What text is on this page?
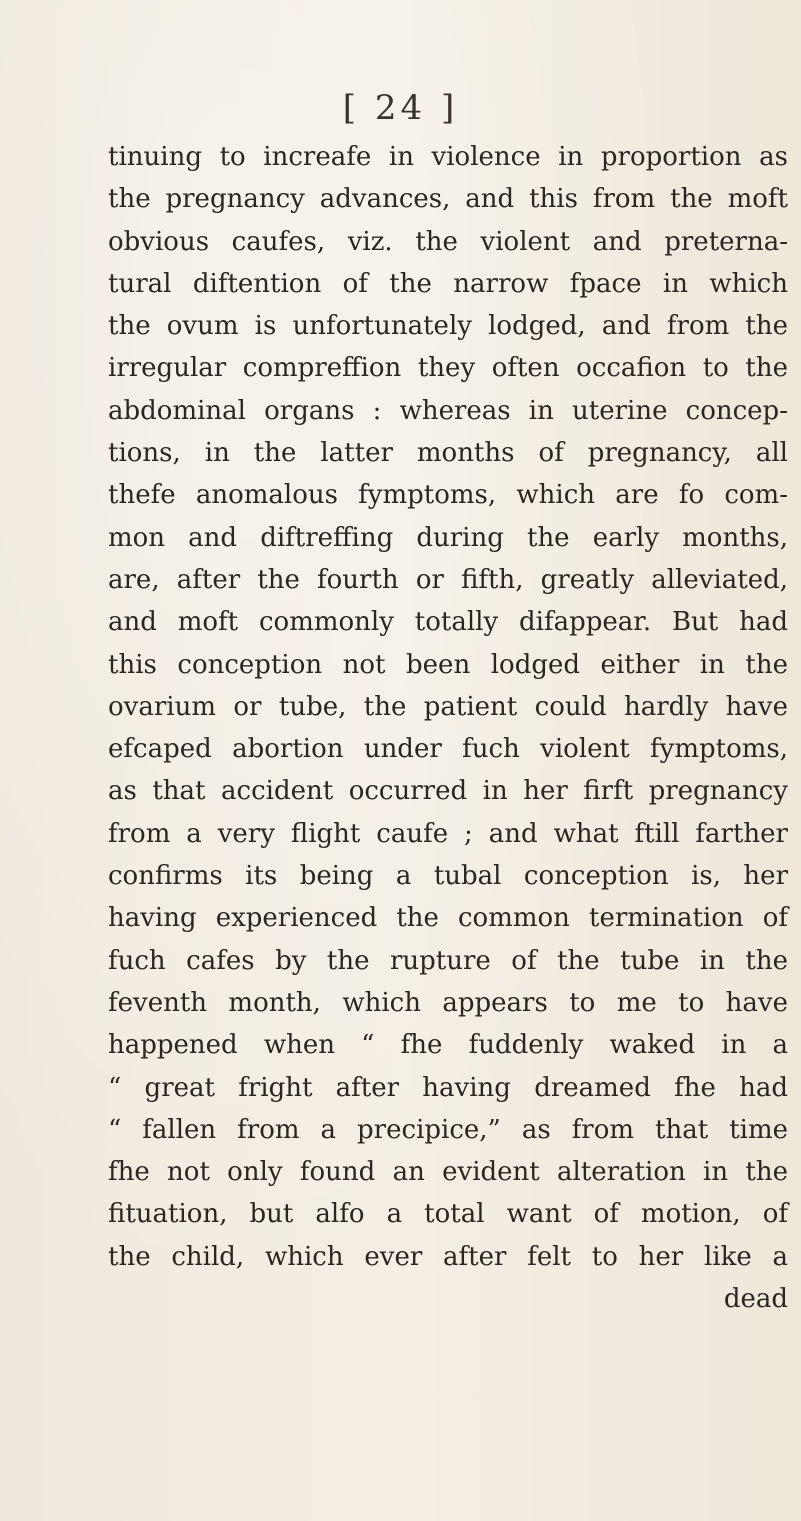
[ 24 ]
tinuing to increafe in violence in proportion as
the pregnancy advances, and this from the moft
obvious caufes, viz. the violent and preterna-
tural diftention of the narrow fpace in which
the ovum is unfortunately lodged, and from the
irregular compreffion they often occafion to the
abdominal organs : whereas in uterine concep-
tions, in the latter months of pregnancy, all
thefe anomalous fymptoms, which are fo com-
mon and diftreffing during the early months,
are, after the fourth or fifth, greatly alleviated,
and moft commonly totally difappear. But had
this conception not been lodged either in the
ovarium or tube, the patient could hardly have
efcaped abortion under fuch violent fymptoms,
as that accident occurred in her firft pregnancy
from a very flight caufe ; and what ftill farther
confirms its being a tubal conception is, her
having experienced the common termination of
fuch cafes by the rupture of the tube in the
feventh month, which appears to me to have
happened when “ fhe fuddenly waked in a
“ great fright after having dreamed fhe had
“ fallen from a precipice,” as from that time
fhe not only found an evident alteration in the
fituation, but alfo a total want of motion, of
the child, which ever after felt to her like a
dead
